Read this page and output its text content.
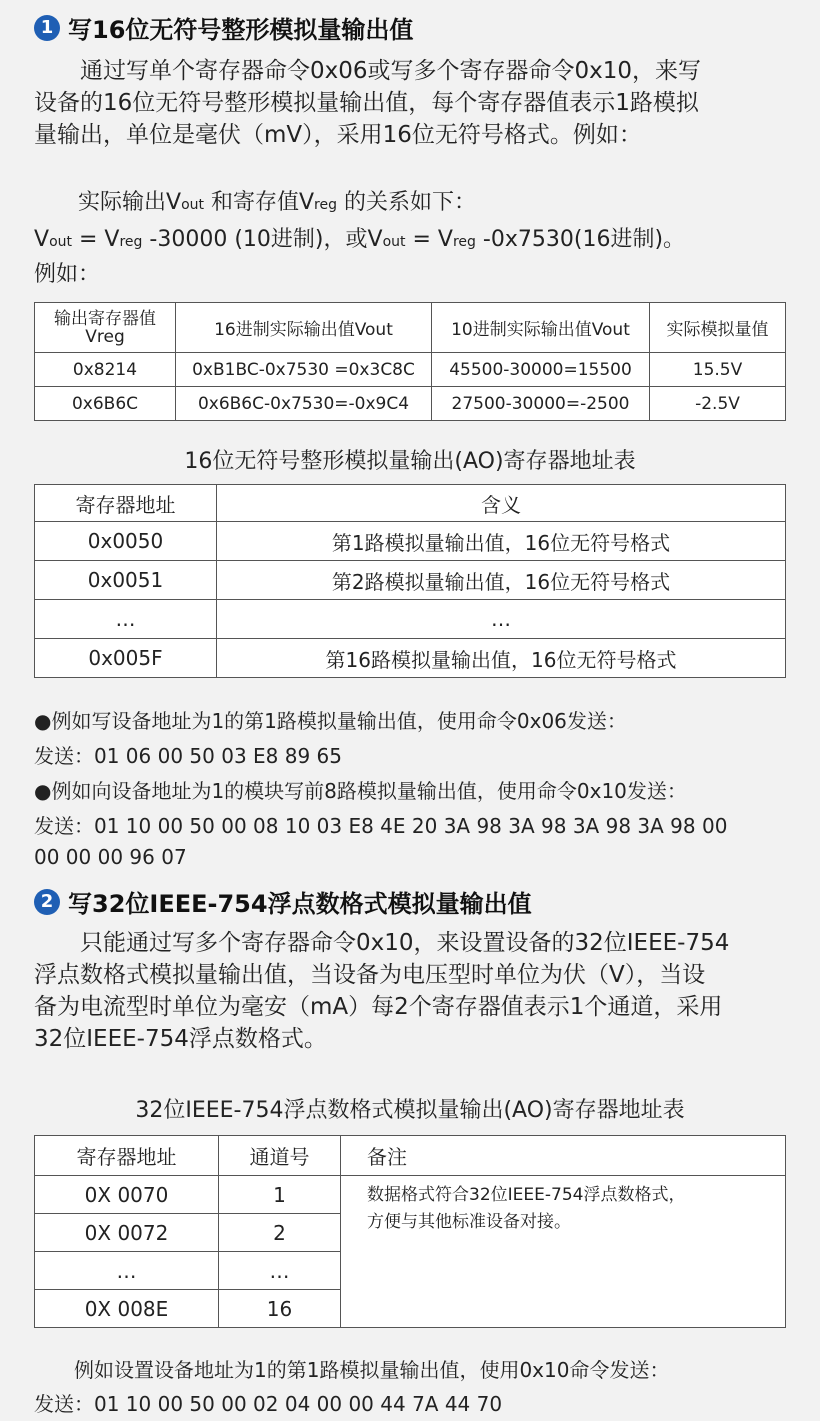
1 写16位无符号整形模拟量输出值
　　通过写单个寄存器命令0x06或写多个寄存器命令0x10，来写
设备的16位无符号整形模拟量输出值，每个寄存器值表示1路模拟
量输出，单位是毫伏（mV），采用16位无符号格式。例如：
　　实际输出Vout 和寄存值Vreg 的关系如下：
Vout = Vreg -30000 (10进制)，或Vout = Vreg -0x7530(16进制)。
例如：
输出寄存器值
Vreg	16进制实际输出值Vout	10进制实际输出值Vout	实际模拟量值
0x8214	0xB1BC-0x7530 =0x3C8C	45500-30000=15500	15.5V
0x6B6C	0x6B6C-0x7530=-0x9C4	27500-30000=-2500	-2.5V
16位无符号整形模拟量输出(AO)寄存器地址表
寄存器地址	含义
0x0050	第1路模拟量输出值，16位无符号格式
0x0051	第2路模拟量输出值，16位无符号格式
…	…
0x005F	第16路模拟量输出值，16位无符号格式
●例如写设备地址为1的第1路模拟量输出值，使用命令0x06发送：
发送：01 06 00 50 03 E8 89 65
●例如向设备地址为1的模块写前8路模拟量输出值，使用命令0x10发送：
发送：01 10 00 50 00 08 10 03 E8 4E 20 3A 98 3A 98 3A 98 3A 98 00
00 00 00 96 07
2 写32位IEEE-754浮点数格式模拟量输出值
　　只能通过写多个寄存器命令0x10，来设置设备的32位IEEE-754
浮点数格式模拟量输出值，当设备为电压型时单位为伏（V），当设
备为电流型时单位为毫安（mA）每2个寄存器值表示1个通道，采用
32位IEEE-754浮点数格式。
32位IEEE-754浮点数格式模拟量输出(AO)寄存器地址表
寄存器地址	通道号	备注
0X 0070	1	数据格式符合32位IEEE-754浮点数格式，
方便与其他标准设备对接。

0X 0072	2	
…	…	
0X 008E	16	
　　例如设置设备地址为1的第1路模拟量输出值，使用0x10命令发送：
发送：01 10 00 50 00 02 04 00 00 44 7A 44 70
